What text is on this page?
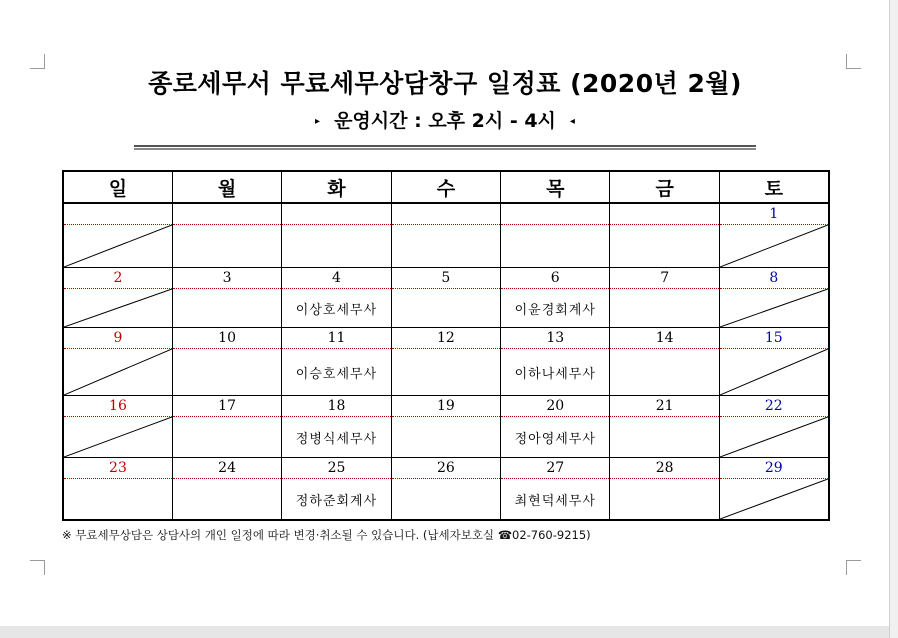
종로세무서 무료세무상담창구 일정표 (2020년 2월)
▸ 운영시간 : 오후 2시 - 4시 ◂
일	월	화	수	목	금	토
						1

2	3	4	5	6	7	8

		이상호세무사		이윤경회계사		

9	10	11	12	13	14	15

		이승호세무사		이하나세무사		

16	17	18	19	20	21	22

		정병식세무사		정아영세무사		

23	24	25	26	27	28	29
		정하준회계사		최현덕세무사		
※ 무료세무상담은 상담사의 개인 일정에 따라 변경·취소될 수 있습니다. (납세자보호실 ☎02-760-9215)
